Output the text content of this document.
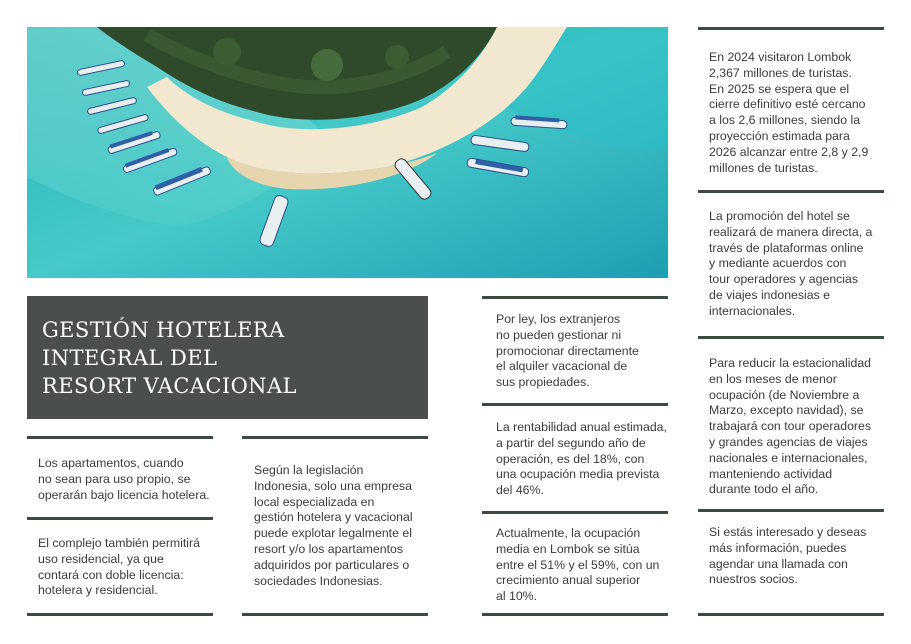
GESTIÓN HOTELERA
INTEGRAL DEL
RESORT VACACIONAL

Los apartamentos, cuando
no sean para uso propio, se
operarán bajo licencia hotelera.

El complejo también permitirá
uso residencial, ya que
contará con doble licencia:
hotelera y residencial.

Según la legislación
Indonesia, solo una empresa
local especializada en
gestión hotelera y vacacional
puede explotar legalmente el
resort y/o los apartamentos
adquiridos por particulares o
sociedades Indonesias.

Por ley, los extranjeros
no pueden gestionar ni
promocionar directamente
el alquiler vacacional de
sus propiedades.

La rentabilidad anual estimada,
a partir del segundo año de
operación, es del 18%, con
una ocupación media prevista
del 46%.

Actualmente, la ocupación
media en Lombok se sitúa
entre el 51% y el 59%, con un
crecimiento anual superior
al 10%.

En 2024 visitaron Lombok
2,367 millones de turistas.
En 2025 se espera que el
cierre definitivo esté cercano
a los 2,6 millones, siendo la
proyección estimada para
2026 alcanzar entre 2,8 y 2,9
millones de turistas.

La promoción del hotel se
realizará de manera directa, a
través de plataformas online
y mediante acuerdos con
tour operadores y agencias
de viajes indonesias e
internacionales.

Para reducir la estacionalidad
en los meses de menor
ocupación (de Noviembre a
Marzo, excepto navidad), se
trabajará con tour operadores
y grandes agencias de viajes
nacionales e internacionales,
manteniendo actividad
durante todo el año.

Si estás interesado y deseas
más información, puedes
agendar una llamada con
nuestros socios.
